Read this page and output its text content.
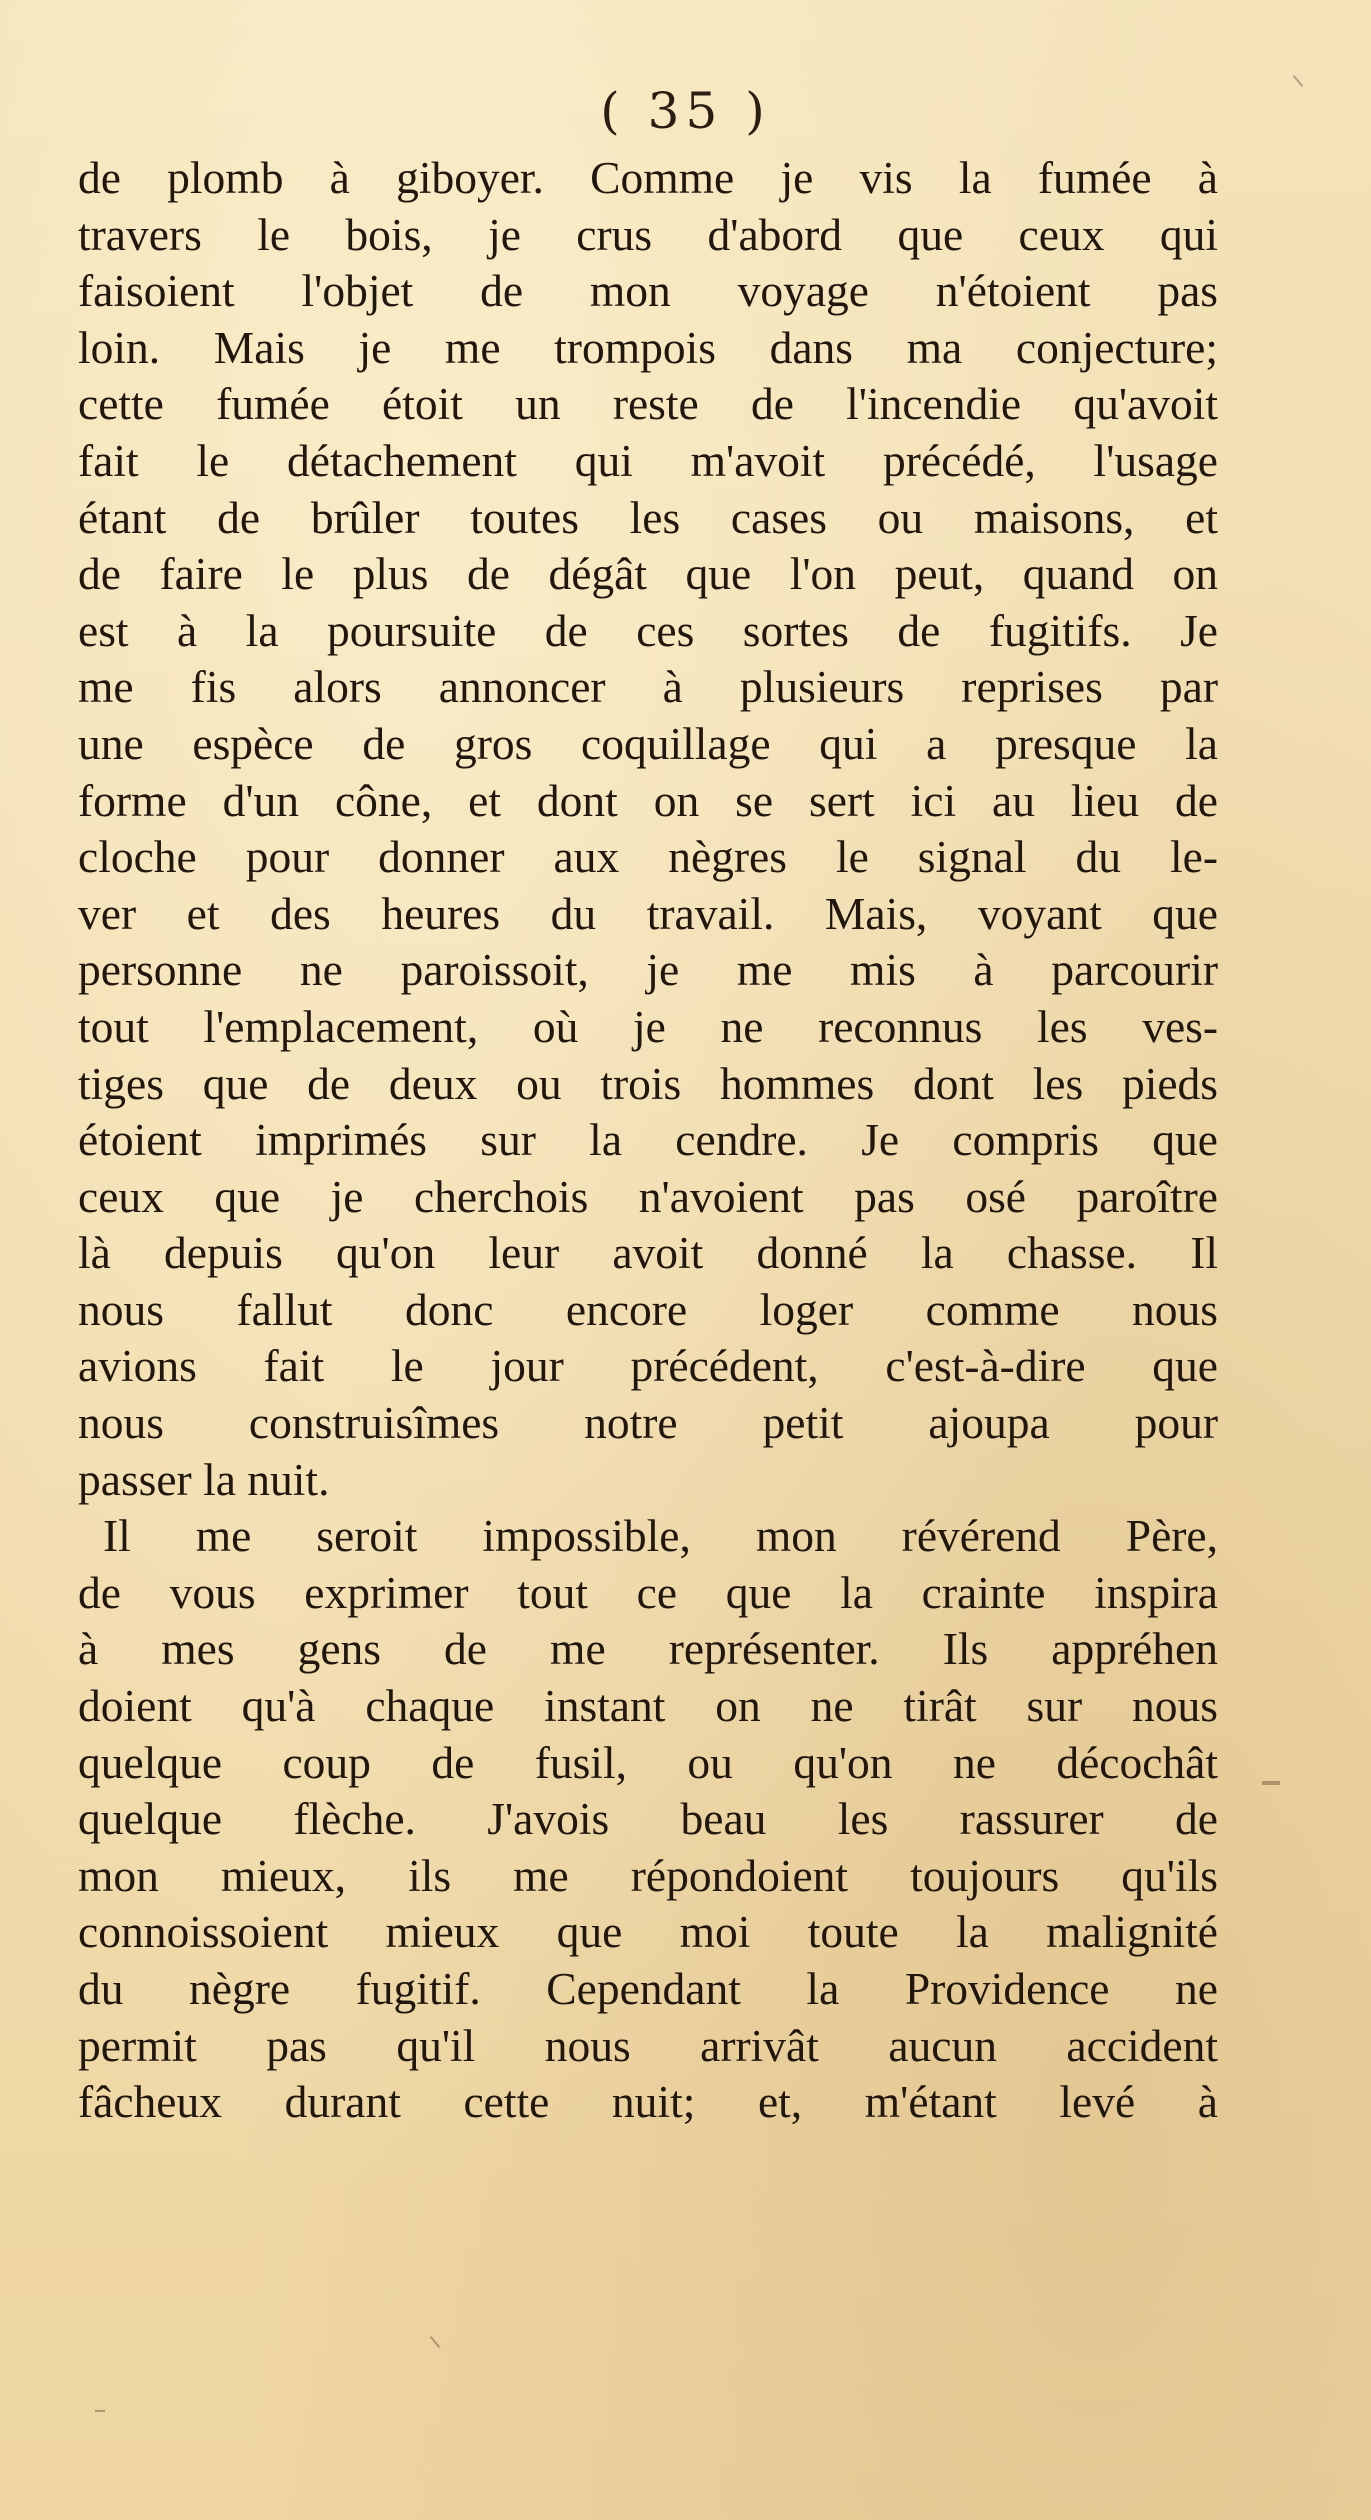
( 35 )
de plomb à giboyer. Comme je vis la fumée à
travers le bois, je crus d'abord que ceux qui
faisoient l'objet de mon voyage n'étoient pas
loin. Mais je me trompois dans ma conjecture;
cette fumée étoit un reste de l'incendie qu'avoit
fait le détachement qui m'avoit précédé, l'usage
étant de brûler toutes les cases ou maisons, et
de faire le plus de dégât que l'on peut, quand on
est à la poursuite de ces sortes de fugitifs. Je
me fis alors annoncer à plusieurs reprises par
une espèce de gros coquillage qui a presque la
forme d'un cône, et dont on se sert ici au lieu de
cloche pour donner aux nègres le signal du le-
ver et des heures du travail. Mais, voyant que
personne ne paroissoit, je me mis à parcourir
tout l'emplacement, où je ne reconnus les ves-
tiges que de deux ou trois hommes dont les pieds
étoient imprimés sur la cendre. Je compris que
ceux que je cherchois n'avoient pas osé paroître
là depuis qu'on leur avoit donné la chasse. Il
nous fallut donc encore loger comme nous
avions fait le jour précédent, c'est-à-dire que
nous construisîmes notre petit ajoupa pour
passer la nuit.
Il me seroit impossible, mon révérend Père,
de vous exprimer tout ce que la crainte inspira
à mes gens de me représenter. Ils appréhen
doient qu'à chaque instant on ne tirât sur nous
quelque coup de fusil, ou qu'on ne décochât
quelque flèche. J'avois beau les rassurer de
mon mieux, ils me répondoient toujours qu'ils
connoissoient mieux que moi toute la malignité
du nègre fugitif. Cependant la Providence ne
permit pas qu'il nous arrivât aucun accident
fâcheux durant cette nuit; et, m'étant levé à
